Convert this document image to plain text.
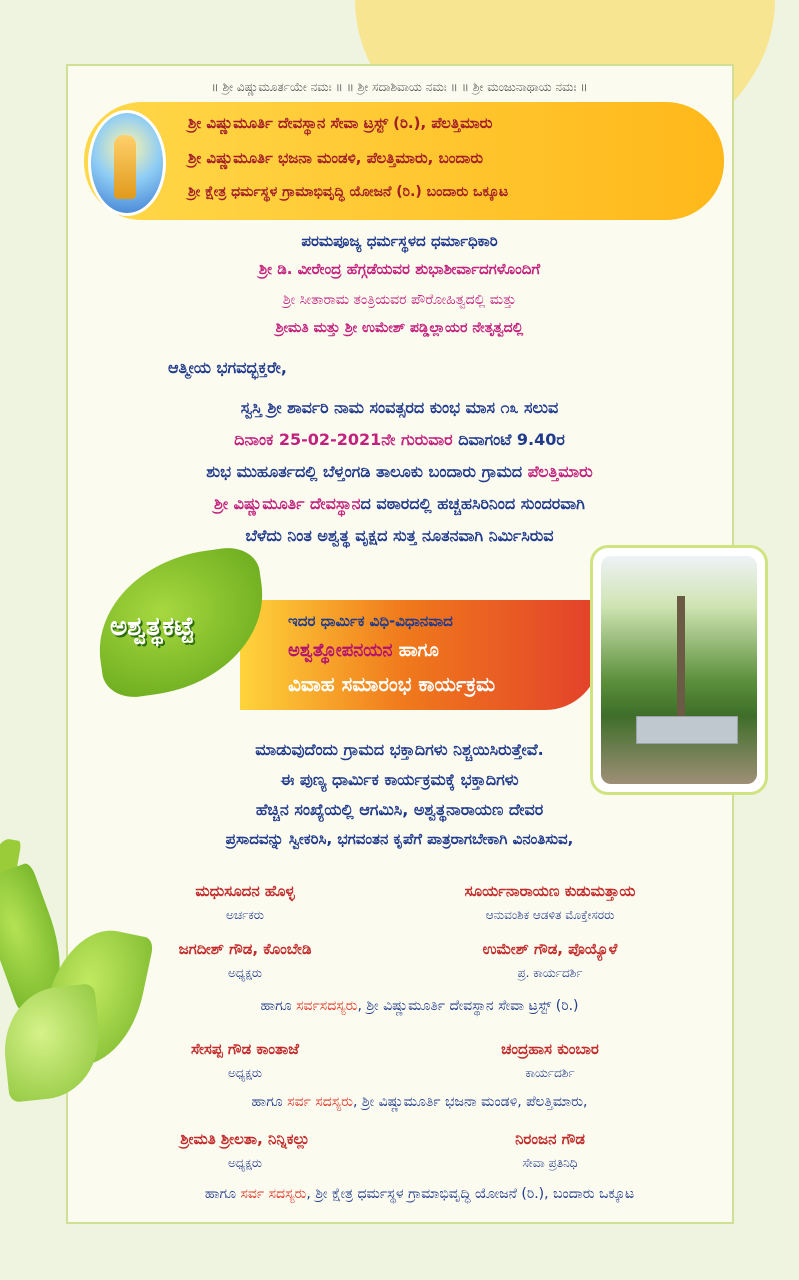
॥ ಶ್ರೀ ವಿಷ್ಣುಮೂರ್ತಯೇ ನಮಃ ॥ ॥ ಶ್ರೀ ಸದಾಶಿವಾಯ ನಮಃ ॥ ॥ ಶ್ರೀ ಮಂಜುನಾಥಾಯ ನಮಃ ॥
ಶ್ರೀ ವಿಷ್ಣುಮೂರ್ತಿ ದೇವಸ್ಥಾನ ಸೇವಾ ಟ್ರಸ್ಟ್ (ರಿ.), ಪೆಲತ್ತಿಮಾರು
ಶ್ರೀ ವಿಷ್ಣುಮೂರ್ತಿ ಭಜನಾ ಮಂಡಳಿ, ಪೆಲತ್ತಿಮಾರು, ಬಂದಾರು
ಶ್ರೀ ಕ್ಷೇತ್ರ ಧರ್ಮಸ್ಥಳ ಗ್ರಾಮಾಭಿವೃದ್ಧಿ ಯೋಜನೆ (ರಿ.) ಬಂದಾರು ಒಕ್ಕೂಟ
ಪರಮಪೂಜ್ಯ ಧರ್ಮಸ್ಥಳದ ಧರ್ಮಾಧಿಕಾರಿ
ಶ್ರೀ ಡಿ. ವೀರೇಂದ್ರ ಹೆಗ್ಗಡೆಯವರ ಶುಭಾಶೀರ್ವಾದಗಳೊಂದಿಗೆ
ಶ್ರೀ ಸೀತಾರಾಮ ತಂತ್ರಿಯವರ ಪೌರೋಹಿತ್ವದಲ್ಲಿ ಮತ್ತು
ಶ್ರೀಮತಿ ಮತ್ತು ಶ್ರೀ ಉಮೇಶ್ ಪಡ್ಡಿಲ್ಲಾಯರ ನೇತೃತ್ವದಲ್ಲಿ
ಆತ್ಮೀಯ ಭಗವದ್ಭಕ್ತರೇ,
ಸ್ವಸ್ತಿ ಶ್ರೀ ಶಾರ್ವರಿ ನಾಮ ಸಂವತ್ಸರದ ಕುಂಭ ಮಾಸ ೧೩ ಸಲುವ
ದಿನಾಂಕ 25-02-2021ನೇ ಗುರುವಾರ ದಿವಾಗಂಟೆ 9.40ರ
ಶುಭ ಮುಹೂರ್ತದಲ್ಲಿ ಬೆಳ್ತಂಗಡಿ ತಾಲೂಕು ಬಂದಾರು ಗ್ರಾಮದ ಪೆಲತ್ತಿಮಾರು
ಶ್ರೀ ವಿಷ್ಣುಮೂರ್ತಿ ದೇವಸ್ಥಾನದ ವಠಾರದಲ್ಲಿ ಹಚ್ಚಹಸಿರಿನಿಂದ ಸುಂದರವಾಗಿ
ಬೆಳೆದು ನಿಂತ ಅಶ್ವತ್ಥ ವೃಕ್ಷದ ಸುತ್ತ ನೂತನವಾಗಿ ನಿರ್ಮಿಸಿರುವ
ಅಶ್ವತ್ಥಕಟ್ಟೆ	ಇದರ ಧಾರ್ಮಿಕ ವಿಧಿ-ವಿಧಾನವಾದ
ಅಶ್ವತ್ಥೋಪನಯನ ಹಾಗೂ
ವಿವಾಹ ಸಮಾರಂಭ ಕಾರ್ಯಕ್ರಮ
ಮಾಡುವುದೆಂದು ಗ್ರಾಮದ ಭಕ್ತಾದಿಗಳು ನಿಶ್ಚಯಿಸಿರುತ್ತೇವೆ.
ಈ ಪುಣ್ಯ ಧಾರ್ಮಿಕ ಕಾರ್ಯಕ್ರಮಕ್ಕೆ ಭಕ್ತಾದಿಗಳು
ಹೆಚ್ಚಿನ ಸಂಖ್ಯೆಯಲ್ಲಿ ಆಗಮಿಸಿ, ಅಶ್ವತ್ಥನಾರಾಯಣ ದೇವರ
ಪ್ರಸಾದವನ್ನು ಸ್ವೀಕರಿಸಿ, ಭಗವಂತನ ಕೃಪೆಗೆ ಪಾತ್ರರಾಗಬೇಕಾಗಿ ವಿನಂತಿಸುವ,
ಮಧುಸೂದನ ಹೊಳ್ಳ
ಅರ್ಚಕರು
ಸೂರ್ಯನಾರಾಯಣ ಕುಡುಮತ್ತಾಯ
ಆನುವಂಶಿಕ ಆಡಳಿತ ಮೊಕ್ತೇಸರರು
ಜಗದೀಶ್ ಗೌಡ, ಕೊಂಬೇಡಿ
ಅಧ್ಯಕ್ಷರು
ಉಮೇಶ್ ಗೌಡ, ಪೊಯ್ಯೊಳೆ
ಪ್ರ. ಕಾರ್ಯದರ್ಶಿ
ಹಾಗೂ ಸರ್ವಸದಸ್ಯರು, ಶ್ರೀ ವಿಷ್ಣುಮೂರ್ತಿ ದೇವಸ್ಥಾನ ಸೇವಾ ಟ್ರಸ್ಟ್ (ರಿ.)
ಸೇಸಪ್ಪ ಗೌಡ ಕಾಂತಾಜೆ
ಅಧ್ಯಕ್ಷರು
ಚಂದ್ರಹಾಸ ಕುಂಬಾರ
ಕಾರ್ಯದರ್ಶಿ
ಹಾಗೂ ಸರ್ವ ಸದಸ್ಯರು, ಶ್ರೀ ವಿಷ್ಣುಮೂರ್ತಿ ಭಜನಾ ಮಂಡಳಿ, ಪೆಲತ್ತಿಮಾರು,
ಶ್ರೀಮತಿ ಶ್ರೀಲತಾ, ನಿನ್ನಿಕಲ್ಲು
ಅಧ್ಯಕ್ಷರು
ನಿರಂಜನ ಗೌಡ
ಸೇವಾ ಪ್ರತಿನಿಧಿ
ಹಾಗೂ ಸರ್ವ ಸದಸ್ಯರು, ಶ್ರೀ ಕ್ಷೇತ್ರ ಧರ್ಮಸ್ಥಳ ಗ್ರಾಮಾಭಿವೃದ್ಧಿ ಯೋಜನೆ (ರಿ.), ಬಂದಾರು ಒಕ್ಕೂಟ
